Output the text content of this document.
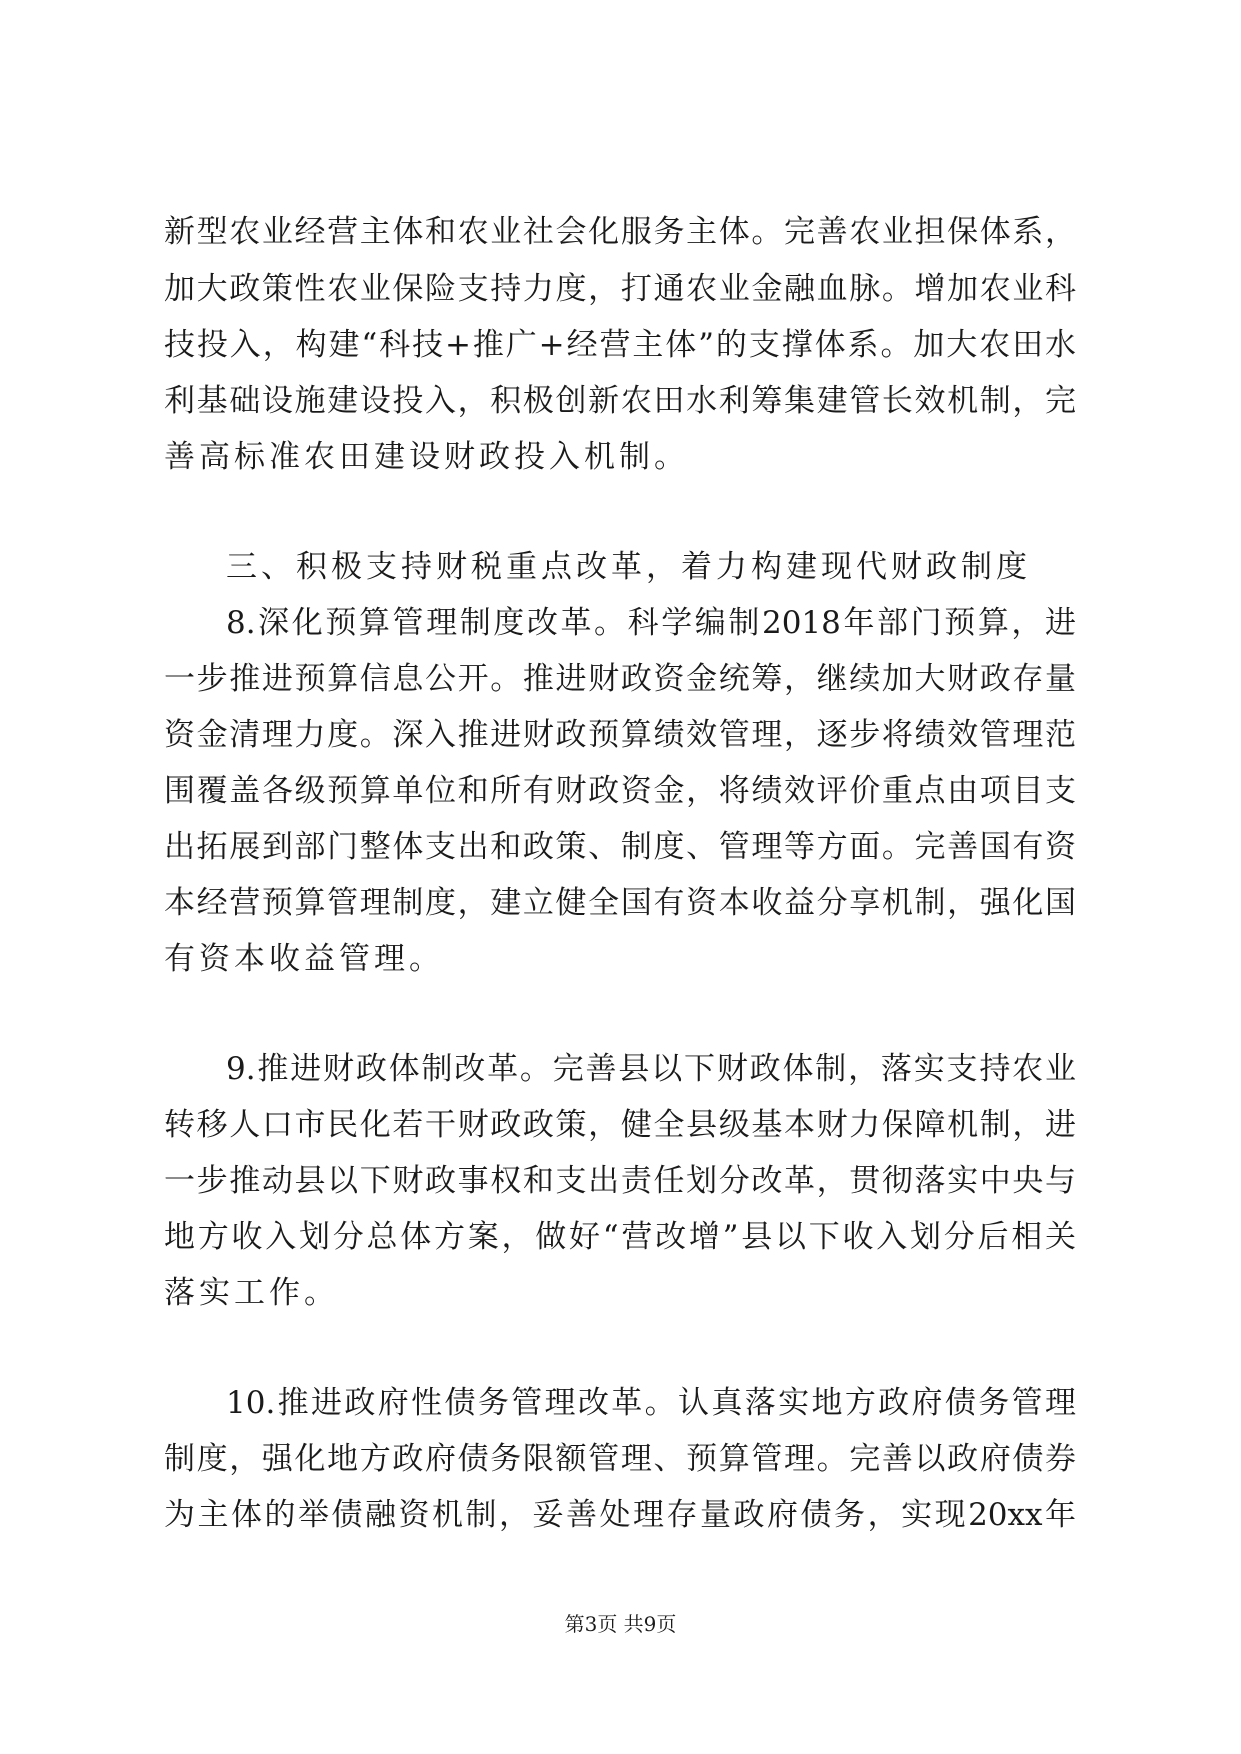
新型农业经营主体和农业社会化服务主体。完善农业担保体系，
加大政策性农业保险支持力度，打通农业金融血脉。增加农业科
技投入，构建“科技+推广+经营主体”的支撑体系。加大农田水
利基础设施建设投入，积极创新农田水利筹集建管长效机制，完
善高标准农田建设财政投入机制。
三、积极支持财税重点改革，着力构建现代财政制度
8.深化预算管理制度改革。科学编制2018年部门预算，进
一步推进预算信息公开。推进财政资金统筹，继续加大财政存量
资金清理力度。深入推进财政预算绩效管理，逐步将绩效管理范
围覆盖各级预算单位和所有财政资金，将绩效评价重点由项目支
出拓展到部门整体支出和政策、制度、管理等方面。完善国有资
本经营预算管理制度，建立健全国有资本收益分享机制，强化国
有资本收益管理。
9.推进财政体制改革。完善县以下财政体制，落实支持农业
转移人口市民化若干财政政策，健全县级基本财力保障机制，进
一步推动县以下财政事权和支出责任划分改革，贯彻落实中央与
地方收入划分总体方案，做好“营改增”县以下收入划分后相关
落实工作。
10.推进政府性债务管理改革。认真落实地方政府债务管理
制度，强化地方政府债务限额管理、预算管理。完善以政府债券
为主体的举债融资机制，妥善处理存量政府债务，实现20xx年
第3页 共9页
